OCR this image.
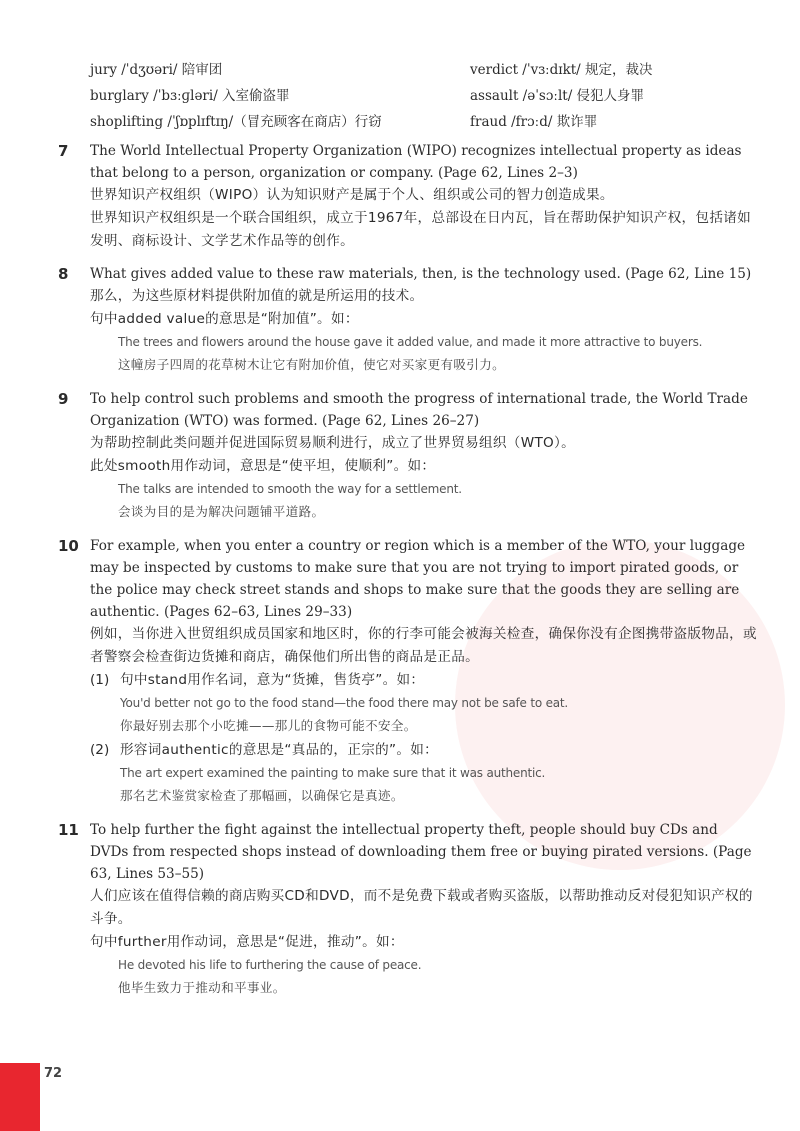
jury /ˈdʒʊəri/ 陪审团	verdict /ˈvɜːdɪkt/ 规定，裁决
burglary /ˈbɜːɡləri/ 入室偷盗罪	assault /əˈsɔːlt/ 侵犯人身罪
shoplifting /ˈʃɒplɪftɪŋ/（冒充顾客在商店）行窃	fraud /frɔːd/ 欺诈罪
7	The World Intellectual Property Organization (WIPO) recognizes intellectual property as ideas that belong to a person, organization or company. (Page 62, Lines 2–3)

世界知识产权组织（WIPO）认为知识财产是属于个人、组织或公司的智力创造成果。

世界知识产权组织是一个联合国组织，成立于1967年，总部设在日内瓦，旨在帮助保护知识产权，包括诸如发明、商标设计、文学艺术作品等的创作。

8	What gives added value to these raw materials, then, is the technology used. (Page 62, Line 15)

那么，为这些原材料提供附加值的就是所运用的技术。

句中added value的意思是“附加值”。如：

The trees and flowers around the house gave it added value, and made it more attractive to buyers.

这幢房子四周的花草树木让它有附加价值，使它对买家更有吸引力。

9	To help control such problems and smooth the progress of international trade, the World Trade Organization (WTO) was formed. (Page 62, Lines 26–27)

为帮助控制此类问题并促进国际贸易顺利进行，成立了世界贸易组织（WTO）。

此处smooth用作动词，意思是“使平坦，使顺利”。如：

The talks are intended to smooth the way for a settlement.

会谈为目的是为解决问题铺平道路。

10 For example, when you enter a country or region which is a member of the WTO, your luggage may be inspected by customs to make sure that you are not trying to import pirated goods, or the police may check street stands and shops to make sure that the goods they are selling are authentic. (Pages 62–63, Lines 29–33)

例如，当你进入世贸组织成员国家和地区时，你的行李可能会被海关检查，确保你没有企图携带盗版物品，或者警察会检查街边货摊和商店，确保他们所出售的商品是正品。

(1) 句中stand用作名词，意为“货摊，售货亭”。如：

You'd better not go to the food stand—the food there may not be safe to eat.

你最好别去那个小吃摊——那儿的食物可能不安全。

(2) 形容词authentic的意思是“真品的，正宗的”。如：

The art expert examined the painting to make sure that it was authentic.

那名艺术鉴赏家检查了那幅画，以确保它是真迹。

11 To help further the fight against the intellectual property theft, people should buy CDs and DVDs from respected shops instead of downloading them free or buying pirated versions. (Page 63, Lines 53–55)

人们应该在值得信赖的商店购买CD和DVD，而不是免费下载或者购买盗版，以帮助推动反对侵犯知识产权的斗争。

句中further用作动词，意思是“促进，推动”。如：

He devoted his life to furthering the cause of peace.

他毕生致力于推动和平事业。

72
